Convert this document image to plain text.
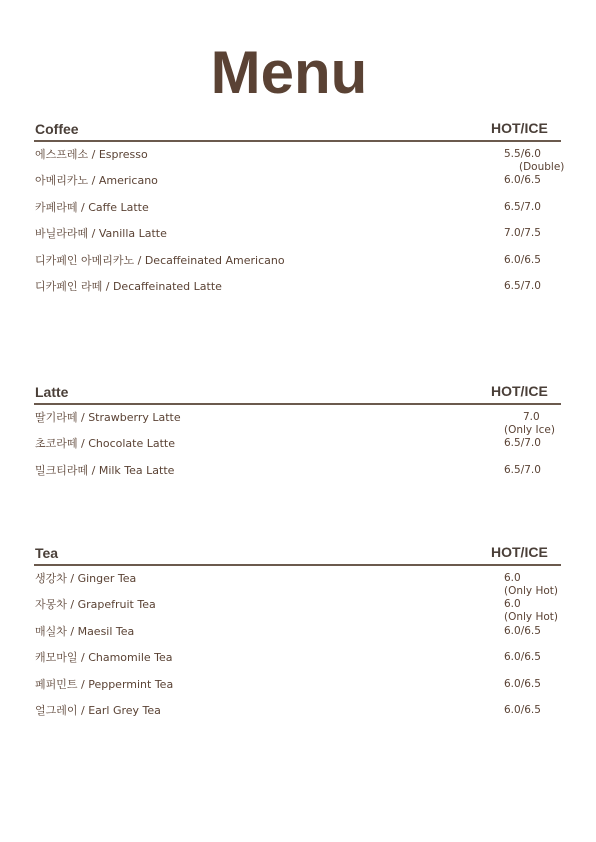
Menu
Coffee	HOT/ICE
에스프레소 / Espresso	5.5/6.0
(Double)
아메리카노 / Americano	6.0/6.5
카페라떼 / Caffe Latte	6.5/7.0
바닐라라떼 / Vanilla Latte	7.0/7.5
디카페인 아메리카노 / Decaffeinated Americano	6.0/6.5
디카페인 라떼 / Decaffeinated Latte	6.5/7.0
Latte	HOT/ICE
딸기라떼 / Strawberry Latte	7.0
(Only Ice)
초코라떼 / Chocolate Latte	6.5/7.0
밀크티라떼 / Milk Tea Latte	6.5/7.0
Tea	HOT/ICE
생강차 / Ginger Tea	6.0
(Only Hot)
자몽차 / Grapefruit Tea	6.0
(Only Hot)
매실차 / Maesil Tea	6.0/6.5
캐모마일 / Chamomile Tea	6.0/6.5
페퍼민트 / Peppermint Tea	6.0/6.5
얼그레이 / Earl Grey Tea	6.0/6.5
